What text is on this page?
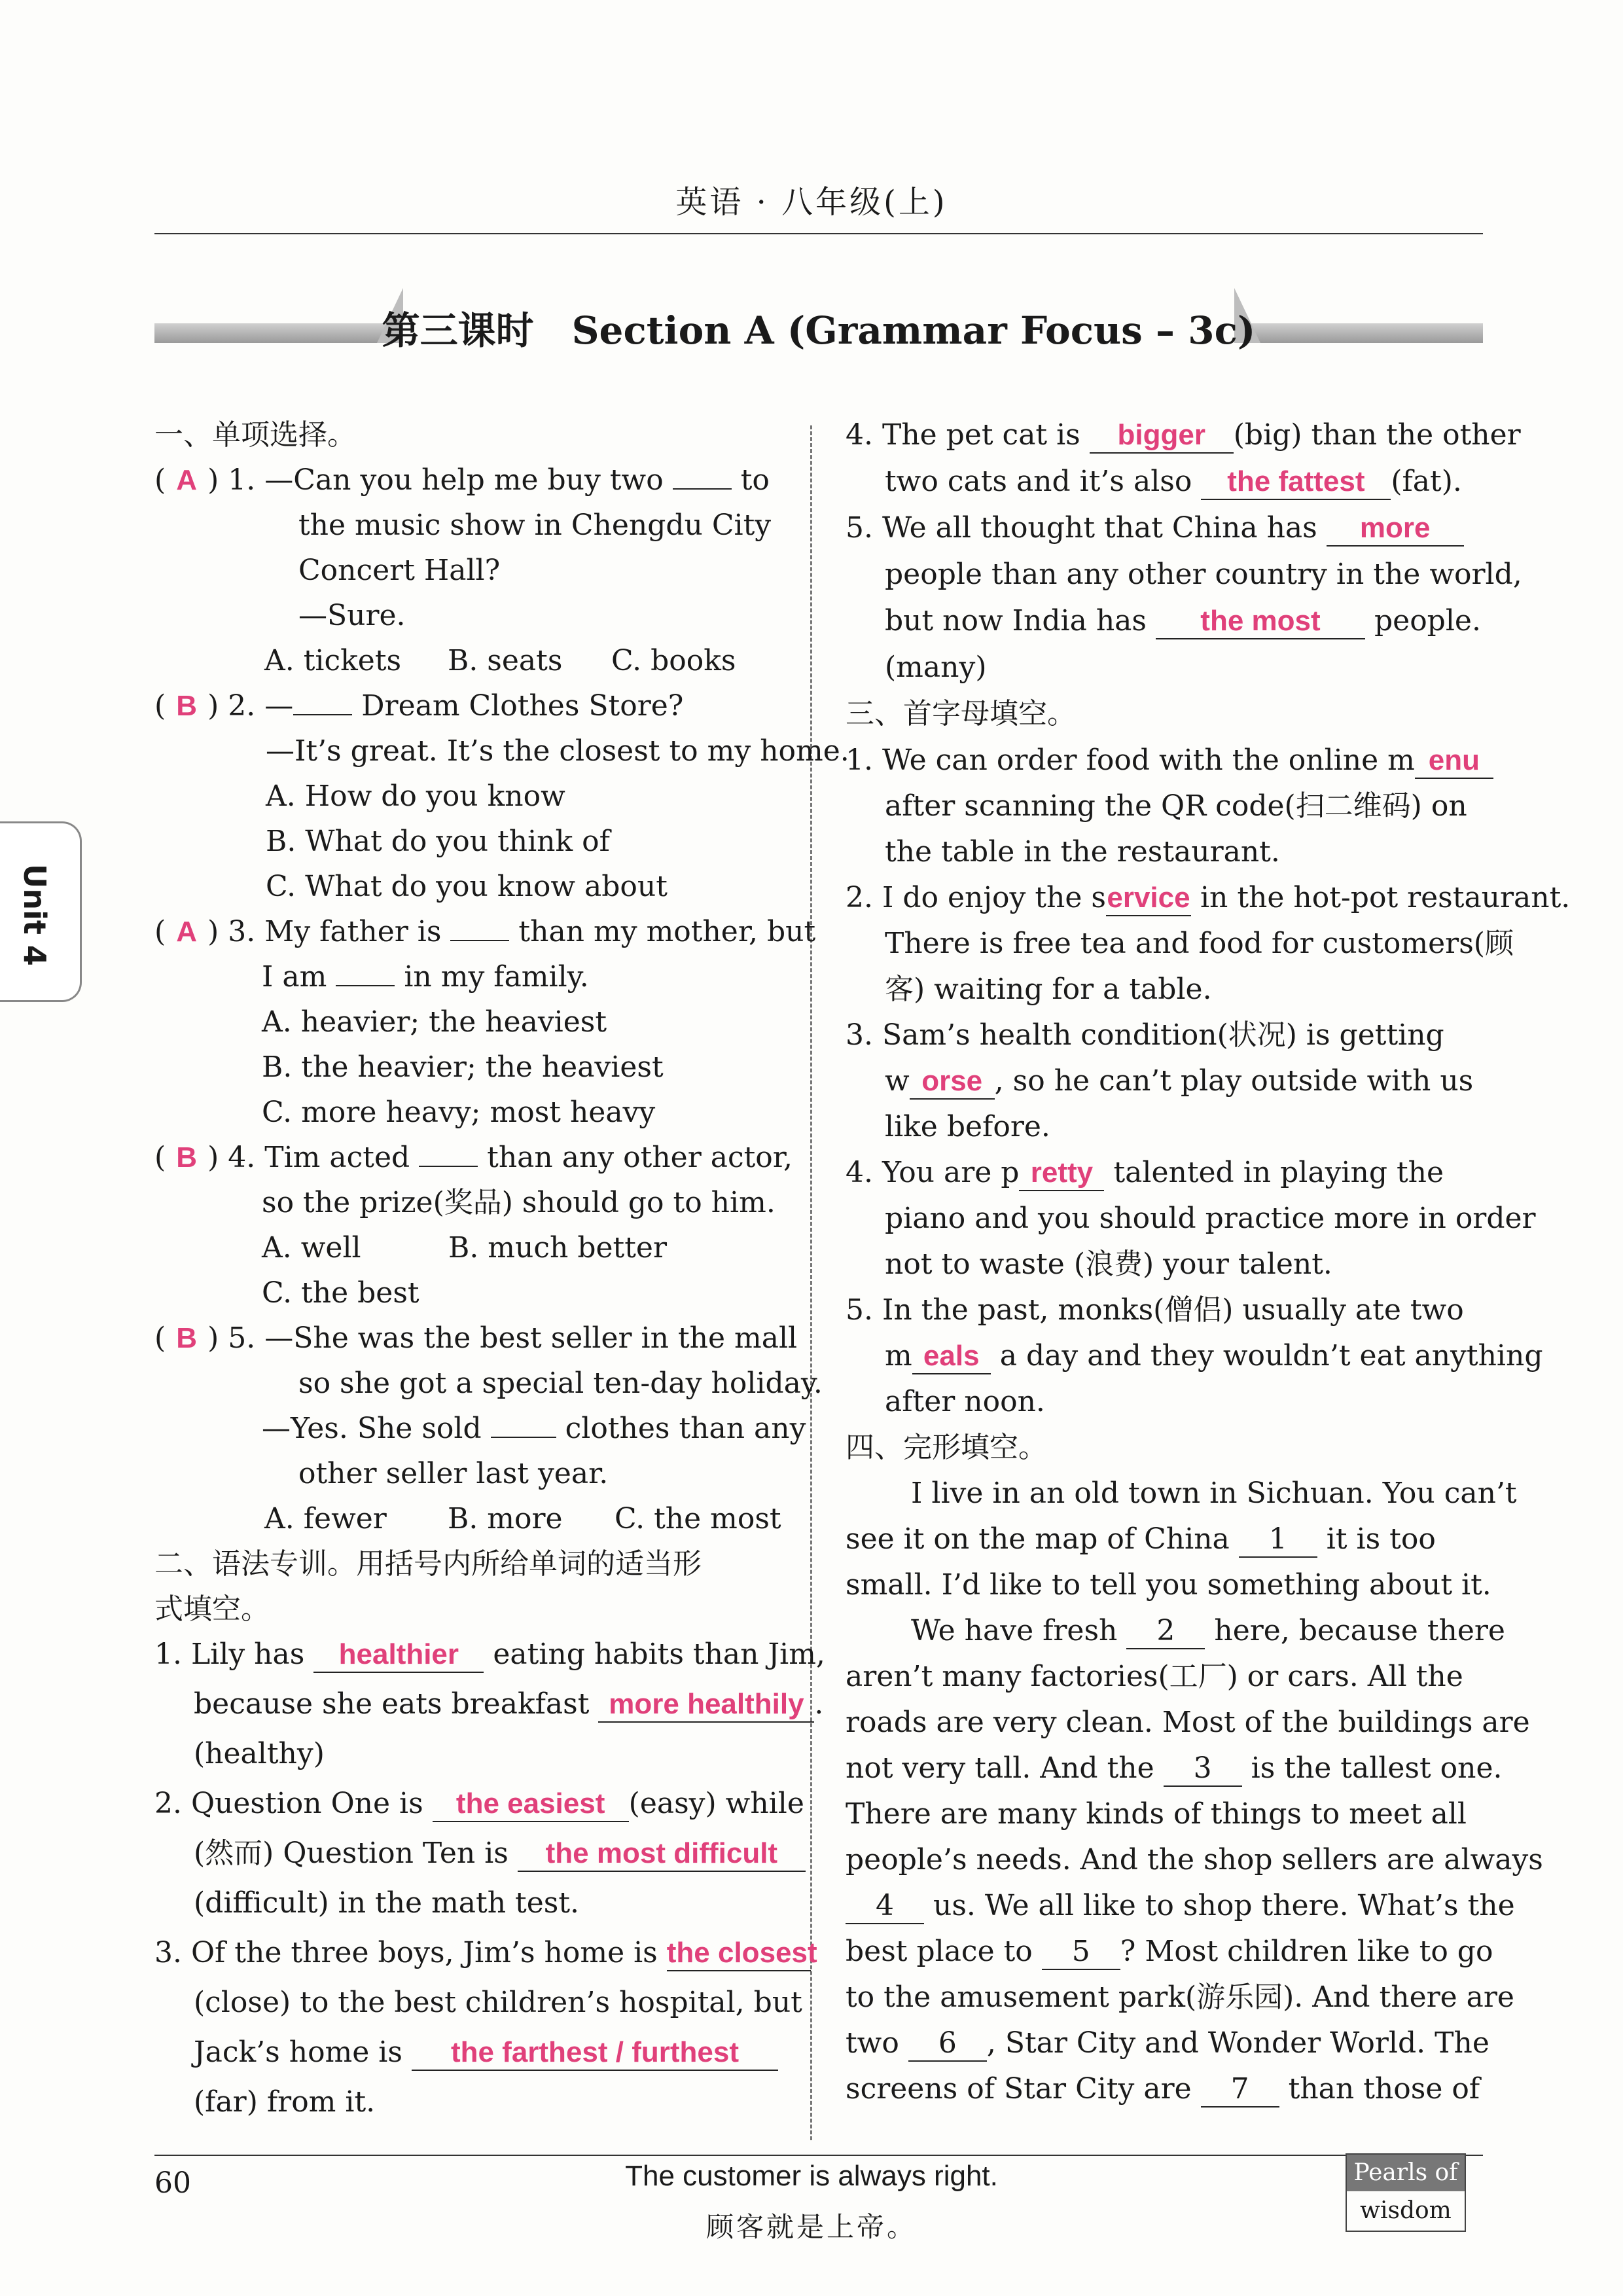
英语 · 八年级(上)
第三课时　Section A (Grammar Focus – 3c)
Unit 4
一、单项选择。
( A ) 1. —Can you help me buy two	to
the music show in Chengdu City
Concert Hall?
—Sure.
A. tickets B. seats C. books
( B ) 2. — Dream Clothes Store?
—It’s great. It’s the closest to my home.
A. How do you know
B. What do you think of
C. What do you know about
( A ) 3. My father is	than my mother, but
I am	in my family.
A. heavier; the heaviest
B. the heavier; the heaviest
C. more heavy; most heavy
( B ) 4. Tim acted	than any other actor,
so the prize(奖品) should go to him.
A. well	B. much better
C. the best
( B ) 5. —She was the best seller in the mall
so she got a special ten-day holiday.
—Yes. She sold	clothes than any
other seller last year.
A. fewer B. more C. the most
二、语法专训。用括号内所给单词的适当形
式填空。
1. Lily has healthier eating habits than Jim,
because she eats breakfast more healthily .
(healthy)
2. Question One is the easiest (easy) while
(然而) Question Ten is the most difficult
(difficult) in the math test.
3. Of the three boys, Jim’s home is the closest
(close) to the best children’s hospital, but
Jack’s home is the farthest / furthest
(far) from it.
4. The pet cat is bigger (big) than the other
two cats and it’s also the fattest (fat).
5. We all thought that China has more
people than any other country in the world,
but now India has the most people.
(many)
三、首字母填空。
1. We can order food with the online m enu
after scanning the QR code(扫二维码) on
the table in the restaurant.
2. I do enjoy the service in the hot-pot restaurant.
There is free tea and food for customers(顾
客) waiting for a table.
3. Sam’s health condition(状况) is getting
w orse , so he can’t play outside with us
like before.
4. You are p retty talented in playing the
piano and you should practice more in order
not to waste (浪费) your talent.
5. In the past, monks(僧侣) usually ate two
m eals a day and they wouldn’t eat anything
after noon.
四、完形填空。
I live in an old town in Sichuan. You can’t
see it on the map of China 1 it is too
small. I’d like to tell you something about it.
We have fresh 2 here, because there
aren’t many factories(工厂) or cars. All the
roads are very clean. Most of the buildings are
not very tall. And the 3 is the tallest one.
There are many kinds of things to meet all
people’s needs. And the shop sellers are always
4 us. We all like to shop there. What’s the
best place to 5 ? Most children like to go
to the amusement park(游乐园). And there are
two 6 , Star City and Wonder World. The
screens of Star City are 7 than those of
60	The customer is always right.
顾客就是上帝。
Pearls of
wisdom
